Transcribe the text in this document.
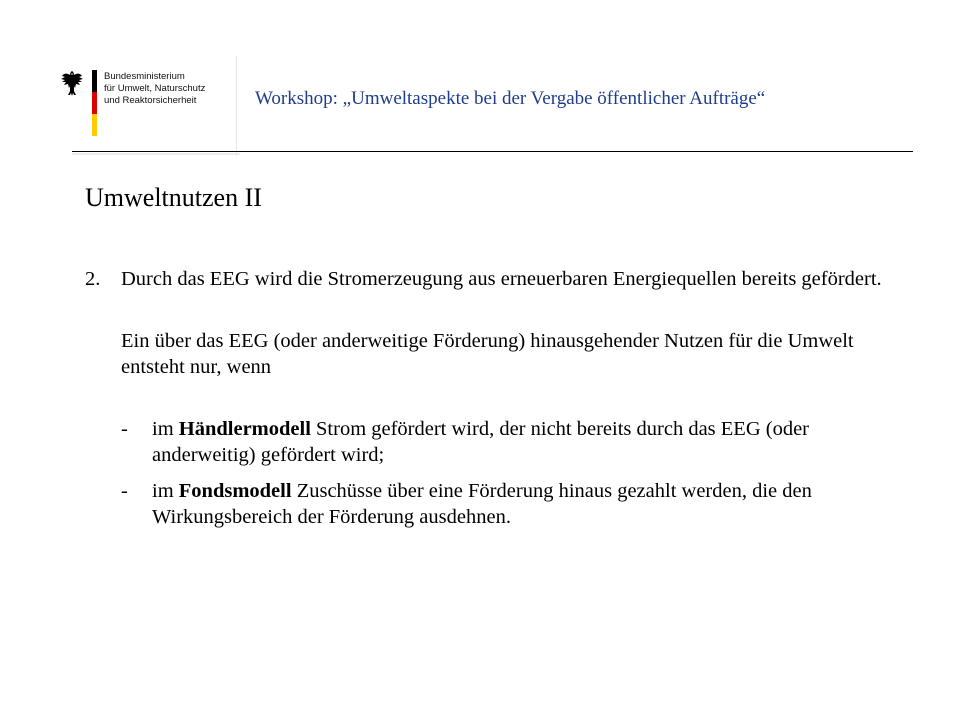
Bundesministerium
für Umwelt, Naturschutz
und Reaktorsicherheit	Workshop: „Umweltaspekte bei der Vergabe öffentlicher Aufträge“
Umweltnutzen II
2. Durch das EEG wird die Stromerzeugung aus erneuerbaren Energiequellen bereits gefördert.
Ein über das EEG (oder anderweitige Förderung) hinausgehender Nutzen für die Umwelt entsteht nur, wenn
- im Händlermodell Strom gefördert wird, der nicht bereits durch das EEG (oder anderweitig) gefördert wird;
- im Fondsmodell Zuschüsse über eine Förderung hinaus gezahlt werden, die den Wirkungsbereich der Förderung ausdehnen.
